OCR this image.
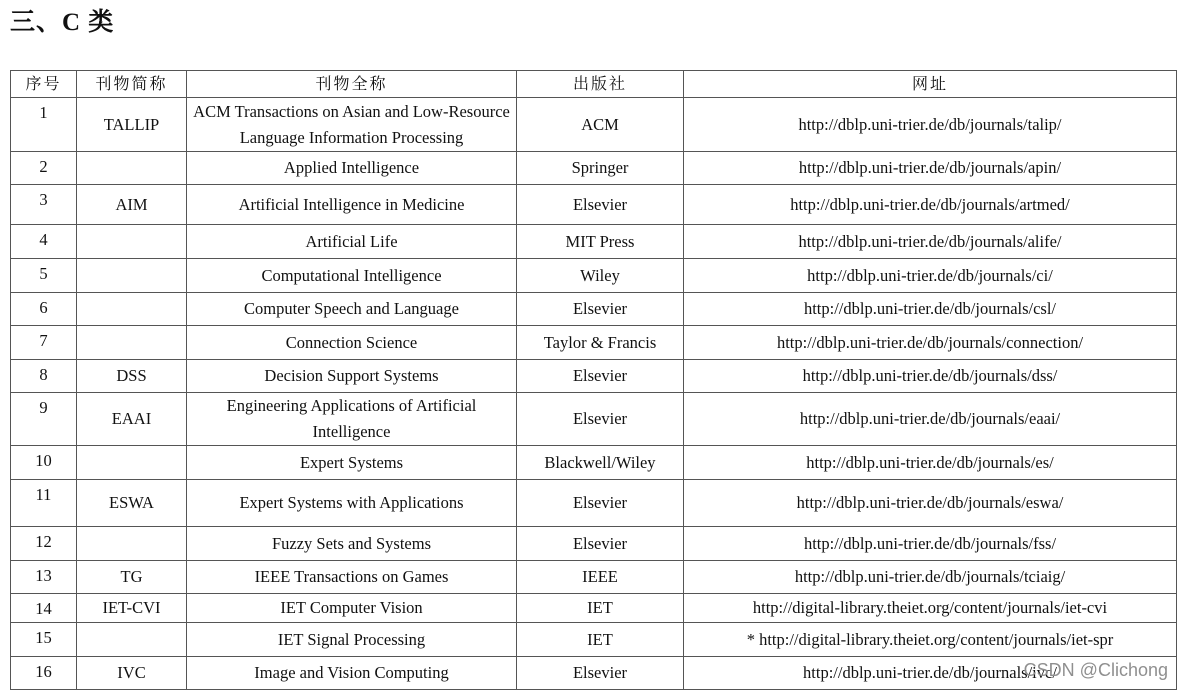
三、C 类
序号	刊物简称	刊物全称	出版社	网址
1	TALLIP	ACM Transactions on Asian and Low-Resource Language Information Processing	ACM	http://dblp.uni-trier.de/db/journals/talip/
2		Applied Intelligence	Springer	http://dblp.uni-trier.de/db/journals/apin/
3	AIM	Artificial Intelligence in Medicine	Elsevier	http://dblp.uni-trier.de/db/journals/artmed/
4		Artificial Life	MIT Press	http://dblp.uni-trier.de/db/journals/alife/
5		Computational Intelligence	Wiley	http://dblp.uni-trier.de/db/journals/ci/
6		Computer Speech and Language	Elsevier	http://dblp.uni-trier.de/db/journals/csl/
7		Connection Science	Taylor & Francis	http://dblp.uni-trier.de/db/journals/connection/
8	DSS	Decision Support Systems	Elsevier	http://dblp.uni-trier.de/db/journals/dss/
9	EAAI	Engineering Applications of Artificial Intelligence	Elsevier	http://dblp.uni-trier.de/db/journals/eaai/
10		Expert Systems	Blackwell/Wiley	http://dblp.uni-trier.de/db/journals/es/
11	ESWA	Expert Systems with Applications	Elsevier	http://dblp.uni-trier.de/db/journals/eswa/
12		Fuzzy Sets and Systems	Elsevier	http://dblp.uni-trier.de/db/journals/fss/
13	TG	IEEE Transactions on Games	IEEE	http://dblp.uni-trier.de/db/journals/tciaig/
14	IET-CVI	IET Computer Vision	IET	http://digital-library.theiet.org/content/journals/iet-cvi
15		IET Signal Processing	IET	* http://digital-library.theiet.org/content/journals/iet-spr
16	IVC	Image and Vision Computing	Elsevier	http://dblp.uni-trier.de/db/journals/ivc/
CSDN @Clichong
